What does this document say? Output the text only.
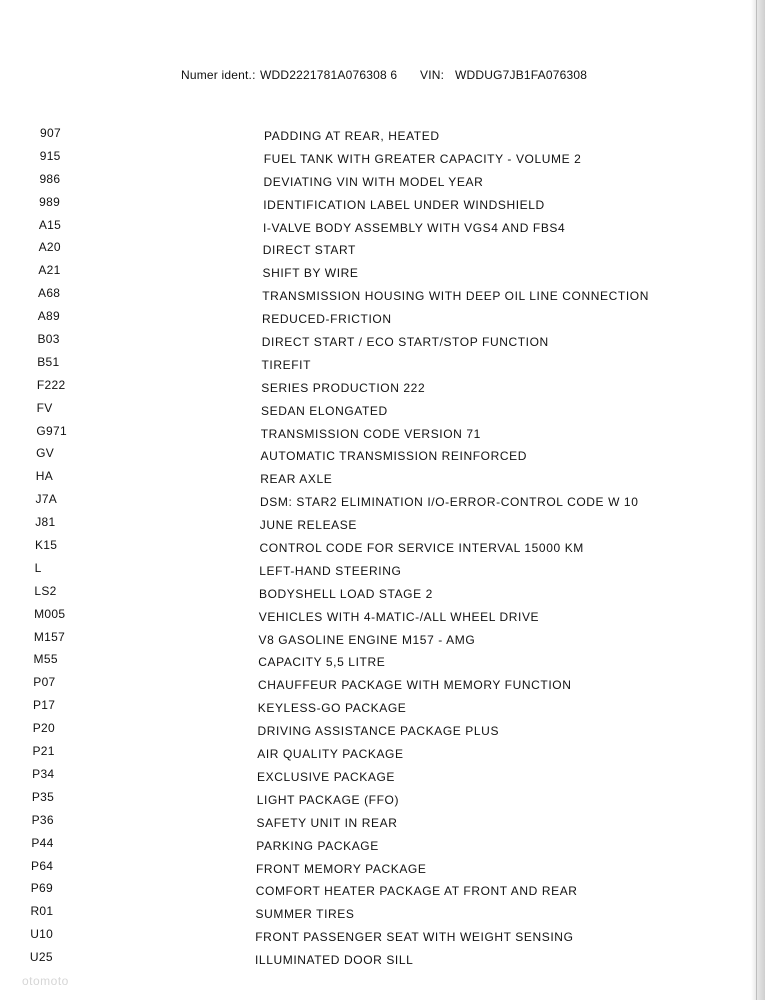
Numer ident.: WDD2221781A076308 6 VIN: WDDUG7JB1FA076308
907	PADDING AT REAR, HEATED
915	FUEL TANK WITH GREATER CAPACITY - VOLUME 2
986	DEVIATING VIN WITH MODEL YEAR
989	IDENTIFICATION LABEL UNDER WINDSHIELD
A15	I-VALVE BODY ASSEMBLY WITH VGS4 AND FBS4
A20	DIRECT START
A21	SHIFT BY WIRE
A68	TRANSMISSION HOUSING WITH DEEP OIL LINE CONNECTION
A89	REDUCED-FRICTION
B03	DIRECT START / ECO START/STOP FUNCTION
B51	TIREFIT
F222	SERIES PRODUCTION 222
FV	SEDAN ELONGATED
G971	TRANSMISSION CODE VERSION 71
GV	AUTOMATIC TRANSMISSION REINFORCED
HA	REAR AXLE
J7A	DSM: STAR2 ELIMINATION I/O-ERROR-CONTROL CODE W 10
J81	JUNE RELEASE
K15	CONTROL CODE FOR SERVICE INTERVAL 15000 KM
L	LEFT-HAND STEERING
LS2	BODYSHELL LOAD STAGE 2
M005	VEHICLES WITH 4-MATIC-/ALL WHEEL DRIVE
M157	V8 GASOLINE ENGINE M157 - AMG
M55	CAPACITY 5,5 LITRE
P07	CHAUFFEUR PACKAGE WITH MEMORY FUNCTION
P17	KEYLESS-GO PACKAGE
P20	DRIVING ASSISTANCE PACKAGE PLUS
P21	AIR QUALITY PACKAGE
P34	EXCLUSIVE PACKAGE
P35	LIGHT PACKAGE (FFO)
P36	SAFETY UNIT IN REAR
P44	PARKING PACKAGE
P64	FRONT MEMORY PACKAGE
P69	COMFORT HEATER PACKAGE AT FRONT AND REAR
R01	SUMMER TIRES
U10	FRONT PASSENGER SEAT WITH WEIGHT SENSING
U25	ILLUMINATED DOOR SILL
otomoto
